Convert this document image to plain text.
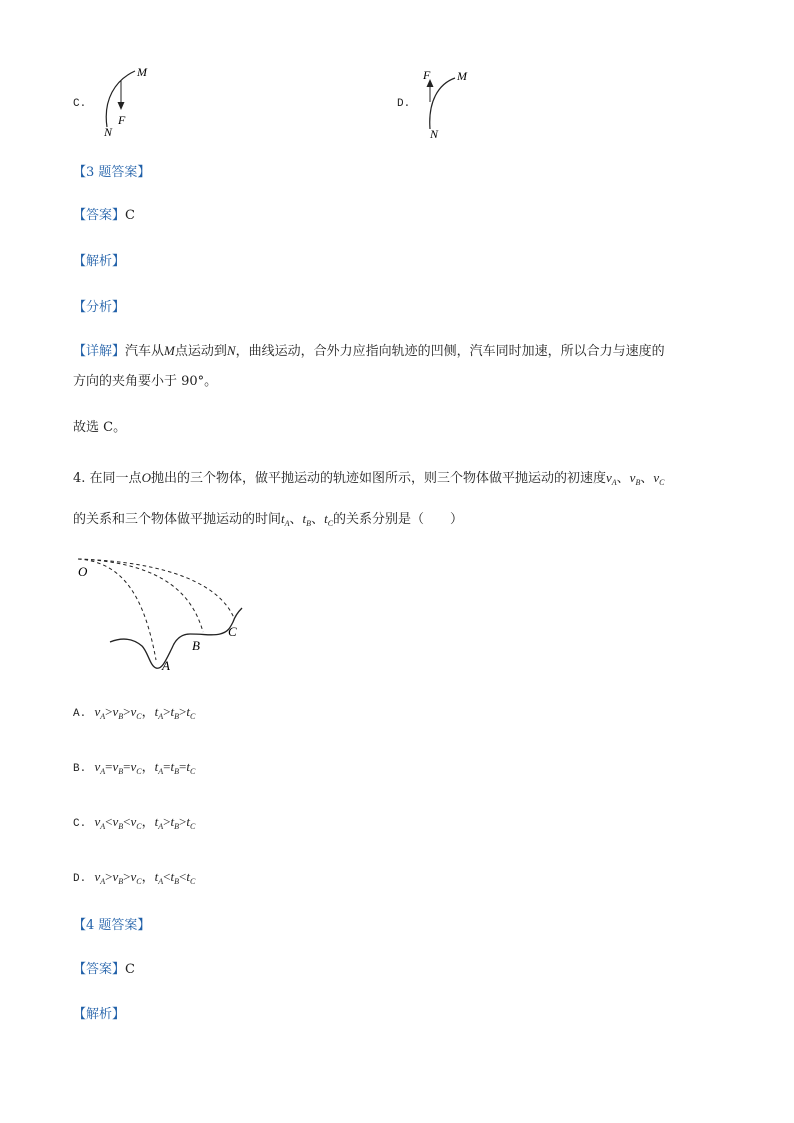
C.
M
N
F
D.
M
N
F
【3 题答案】
【答案】C
【解析】
【分析】
【详解】汽车从M点运动到N，曲线运动，合外力应指向轨迹的凹侧，汽车同时加速，所以合力与速度的
方向的夹角要小于 90°。
故选 C。
4. 在同一点O抛出的三个物体，做平抛运动的轨迹如图所示，则三个物体做平抛运动的初速度$v_A$、$v_B$、$v_C$
的关系和三个物体做平抛运动的时间$t_A$、$t_B$、$t_C$的关系分别是（　　）
O
A
B
C
A. $v_A>v_B>v_C$，$t_A>t_B>t_C$
B. $v_A=v_B=v_C$，$t_A=t_B=t_C$
C. $v_A<v_B<v_C$，$t_A>t_B>t_C$
D. $v_A>v_B>v_C$，$t_A<t_B<t_C$
【4 题答案】
【答案】C
【解析】
